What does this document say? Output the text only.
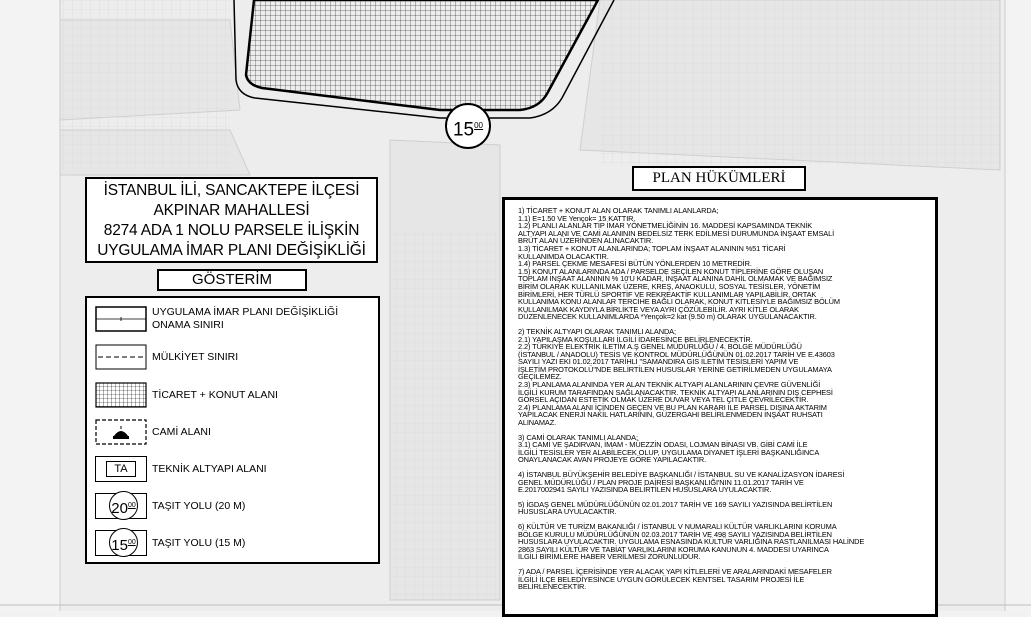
$15^{00}$
İSTANBUL İLİ, SANCAKTEPE İLÇESİ
AKPINAR MAHALLESİ
8274 ADA 1 NOLU PARSELE İLİŞKİN
UYGULAMA İMAR PLANI DEĞİŞİKLİĞİ
GÖSTERİM
UYGULAMA İMAR PLANI DEĞİŞİKLİĞİ
ONAMA SINIRI
MÜLKİYET SINIRI
TİCARET + KONUT ALANI
CAMİ ALANI
TA	TEKNİK ALTYAPI ALANI
$20^{00}$ TAŞIT YOLU (20 M)
$15^{00}$ TAŞIT YOLU (15 M)
PLAN HÜKÜMLERİ

1) TİCARET + KONUT ALAN OLARAK TANIMLI ALANLARDA;
1.1) E=1.50 VE Yençok= 15 KATTIR.
1.2) PLANLI ALANLAR TİP İMAR YÖNETMELİĞİNİN 16. MADDESİ KAPSAMINDA TEKNİK
ALTYAPI ALANI VE CAMİ ALANININ BEDELSİZ TERK EDİLMESİ DURUMUNDA İNŞAAT EMSALİ
BRÜT ALAN ÜZERİNDEN ALINACAKTIR.
1.3) TİCARET + KONUT ALANLARINDA; TOPLAM İNŞAAT ALANININ %51 TİCARİ
KULLANIMDA OLACAKTIR.
1.4) PARSEL ÇEKME MESAFESİ BÜTÜN YÖNLERDEN 10 METREDİR.
1.5) KONUT ALANLARINDA ADA / PARSELDE SEÇİLEN KONUT TİPLERİNE GÖRE OLUŞAN
TOPLAM İNŞAAT ALANININ % 10'U KADAR, İNŞAAT ALANINA DAHİL OLMAMAK VE BAĞIMSIZ
BİRİM OLARAK KULLANILMAK ÜZERE, KREŞ, ANAOKULU, SOSYAL TESİSLER, YÖNETİM
BİRİMLERİ, HER TÜRLÜ SPORTİF VE REKREAKTİF KULLANIMLAR YAPILABİLİR. ORTAK
KULLANIMA KONU ALANLAR TERCİHE BAĞLI OLARAK, KONUT KİTLESİYLE BAĞIMSIZ BÖLÜM
KULLANILMAK KAYDIYLA BİRLİKTE VEYA AYRI ÇÖZÜLEBİLİR. AYRI KİTLE OLARAK
DÜZENLENECEK KULLANIMLARDA *Yençok=2 kat (9.50 m) OLARAK UYGULANACAKTIR.

2) TEKNİK ALTYAPI OLARAK TANIMLI ALANDA;
2.1) YAPILAŞMA KOŞULLARI İLGİLİ İDARESİNCE BELİRLENECEKTİR.
2.2) TÜRKİYE ELEKTRİK İLETİM A.Ş GENEL MÜDÜRLÜĞÜ / 4. BÖLGE MÜDÜRLÜĞÜ
(İSTANBUL / ANADOLU) TESİS VE KONTROL MÜDÜRLÜĞÜNÜN 01.02.2017 TARİH VE E.43603
SAYILI YAZI EKİ 01.02.2017 TARİHLİ "SAMANDIRA GIS İLETİM TESİSLERİ YAPIM VE
İŞLETİM PROTOKOLÜ"NDE BELİRTİLEN HUSUSLAR YERİNE GETİRİLMEDEN UYGULAMAYA
GEÇİLEMEZ.
2.3) PLANLAMA ALANINDA YER ALAN TEKNİK ALTYAPI ALANLARININ ÇEVRE GÜVENLİĞİ
İLGİLİ KURUM TARAFINDAN SAĞLANACAKTIR. TEKNİK ALTYAPI ALANLARININ DIŞ CEPHESİ
GÖRSEL AÇIDAN ESTETİK OLMAK ÜZERE DUVAR VEYA TEL ÇİTLE ÇEVRİLECEKTİR.
2.4) PLANLAMA ALANI İÇİNDEN GEÇEN VE BU PLAN KARARI İLE PARSEL DIŞINA AKTARIM
YAPILACAK ENERJİ NAKİL HATLARININ, GÜZERGAHI BELİRLENMEDEN İNŞAAT RUHSATI
ALINAMAZ.

3) CAMİ OLARAK TANIMLI ALANDA;
3.1) CAMİ VE ŞADIRVAN, İMAM - MÜEZZİN ODASI, LOJMAN BİNASI VB. GİBİ CAMİ İLE
İLGİLİ TESİSLER YER ALABİLECEK OLUP, UYGULAMA DİYANET İŞLERİ BAŞKANLIĞINCA
ONAYLANACAK AVAN PROJEYE GÖRE YAPILACAKTIR.

4) İSTANBUL BÜYÜKŞEHİR BELEDİYE BAŞKANLIĞI / İSTANBUL SU VE KANALİZASYON İDARESİ
GENEL MÜDÜRLÜĞÜ / PLAN PROJE DAİRESİ BAŞKANLIĞI'NIN 11.01.2017 TARİH VE
E.2017002941 SAYILI YAZISINDA BELİRTİLEN HUSUSLARA UYULACAKTIR.

5) İGDAŞ GENEL MÜDÜRLÜĞÜNÜN 02.01.2017 TARİH VE 169 SAYILI YAZISINDA BELİRTİLEN
HUSUSLARA UYULACAKTIR.

6) KÜLTÜR VE TURİZM BAKANLIĞI / İSTANBUL V NUMARALI KÜLTÜR VARLIKLARINI KORUMA
BÖLGE KURULU MÜDÜRLÜĞÜNÜN 02.03.2017 TARİH VE 498 SAYILI YAZISINDA BELİRTİLEN
HUSUSLARA UYULACAKTIR. UYGULAMA ESNASINDA KÜLTÜR VARLIĞINA RASTLANILMASI HALİNDE
2863 SAYILI KÜLTÜR VE TABİAT VARLIKLARINI KORUMA KANUNUN 4. MADDESİ UYARINCA
İLGİLİ BİRİMLERE HABER VERİLMESİ ZORUNLUDUR.

7) ADA / PARSEL İÇERİSİNDE YER ALACAK YAPI KİTLELERİ VE ARALARINDAKİ MESAFELER
İLGİLİ İLÇE BELEDİYESİNCE UYGUN GÖRÜLECEK KENTSEL TASARIM PROJESİ İLE
BELİRLENECEKTİR.
